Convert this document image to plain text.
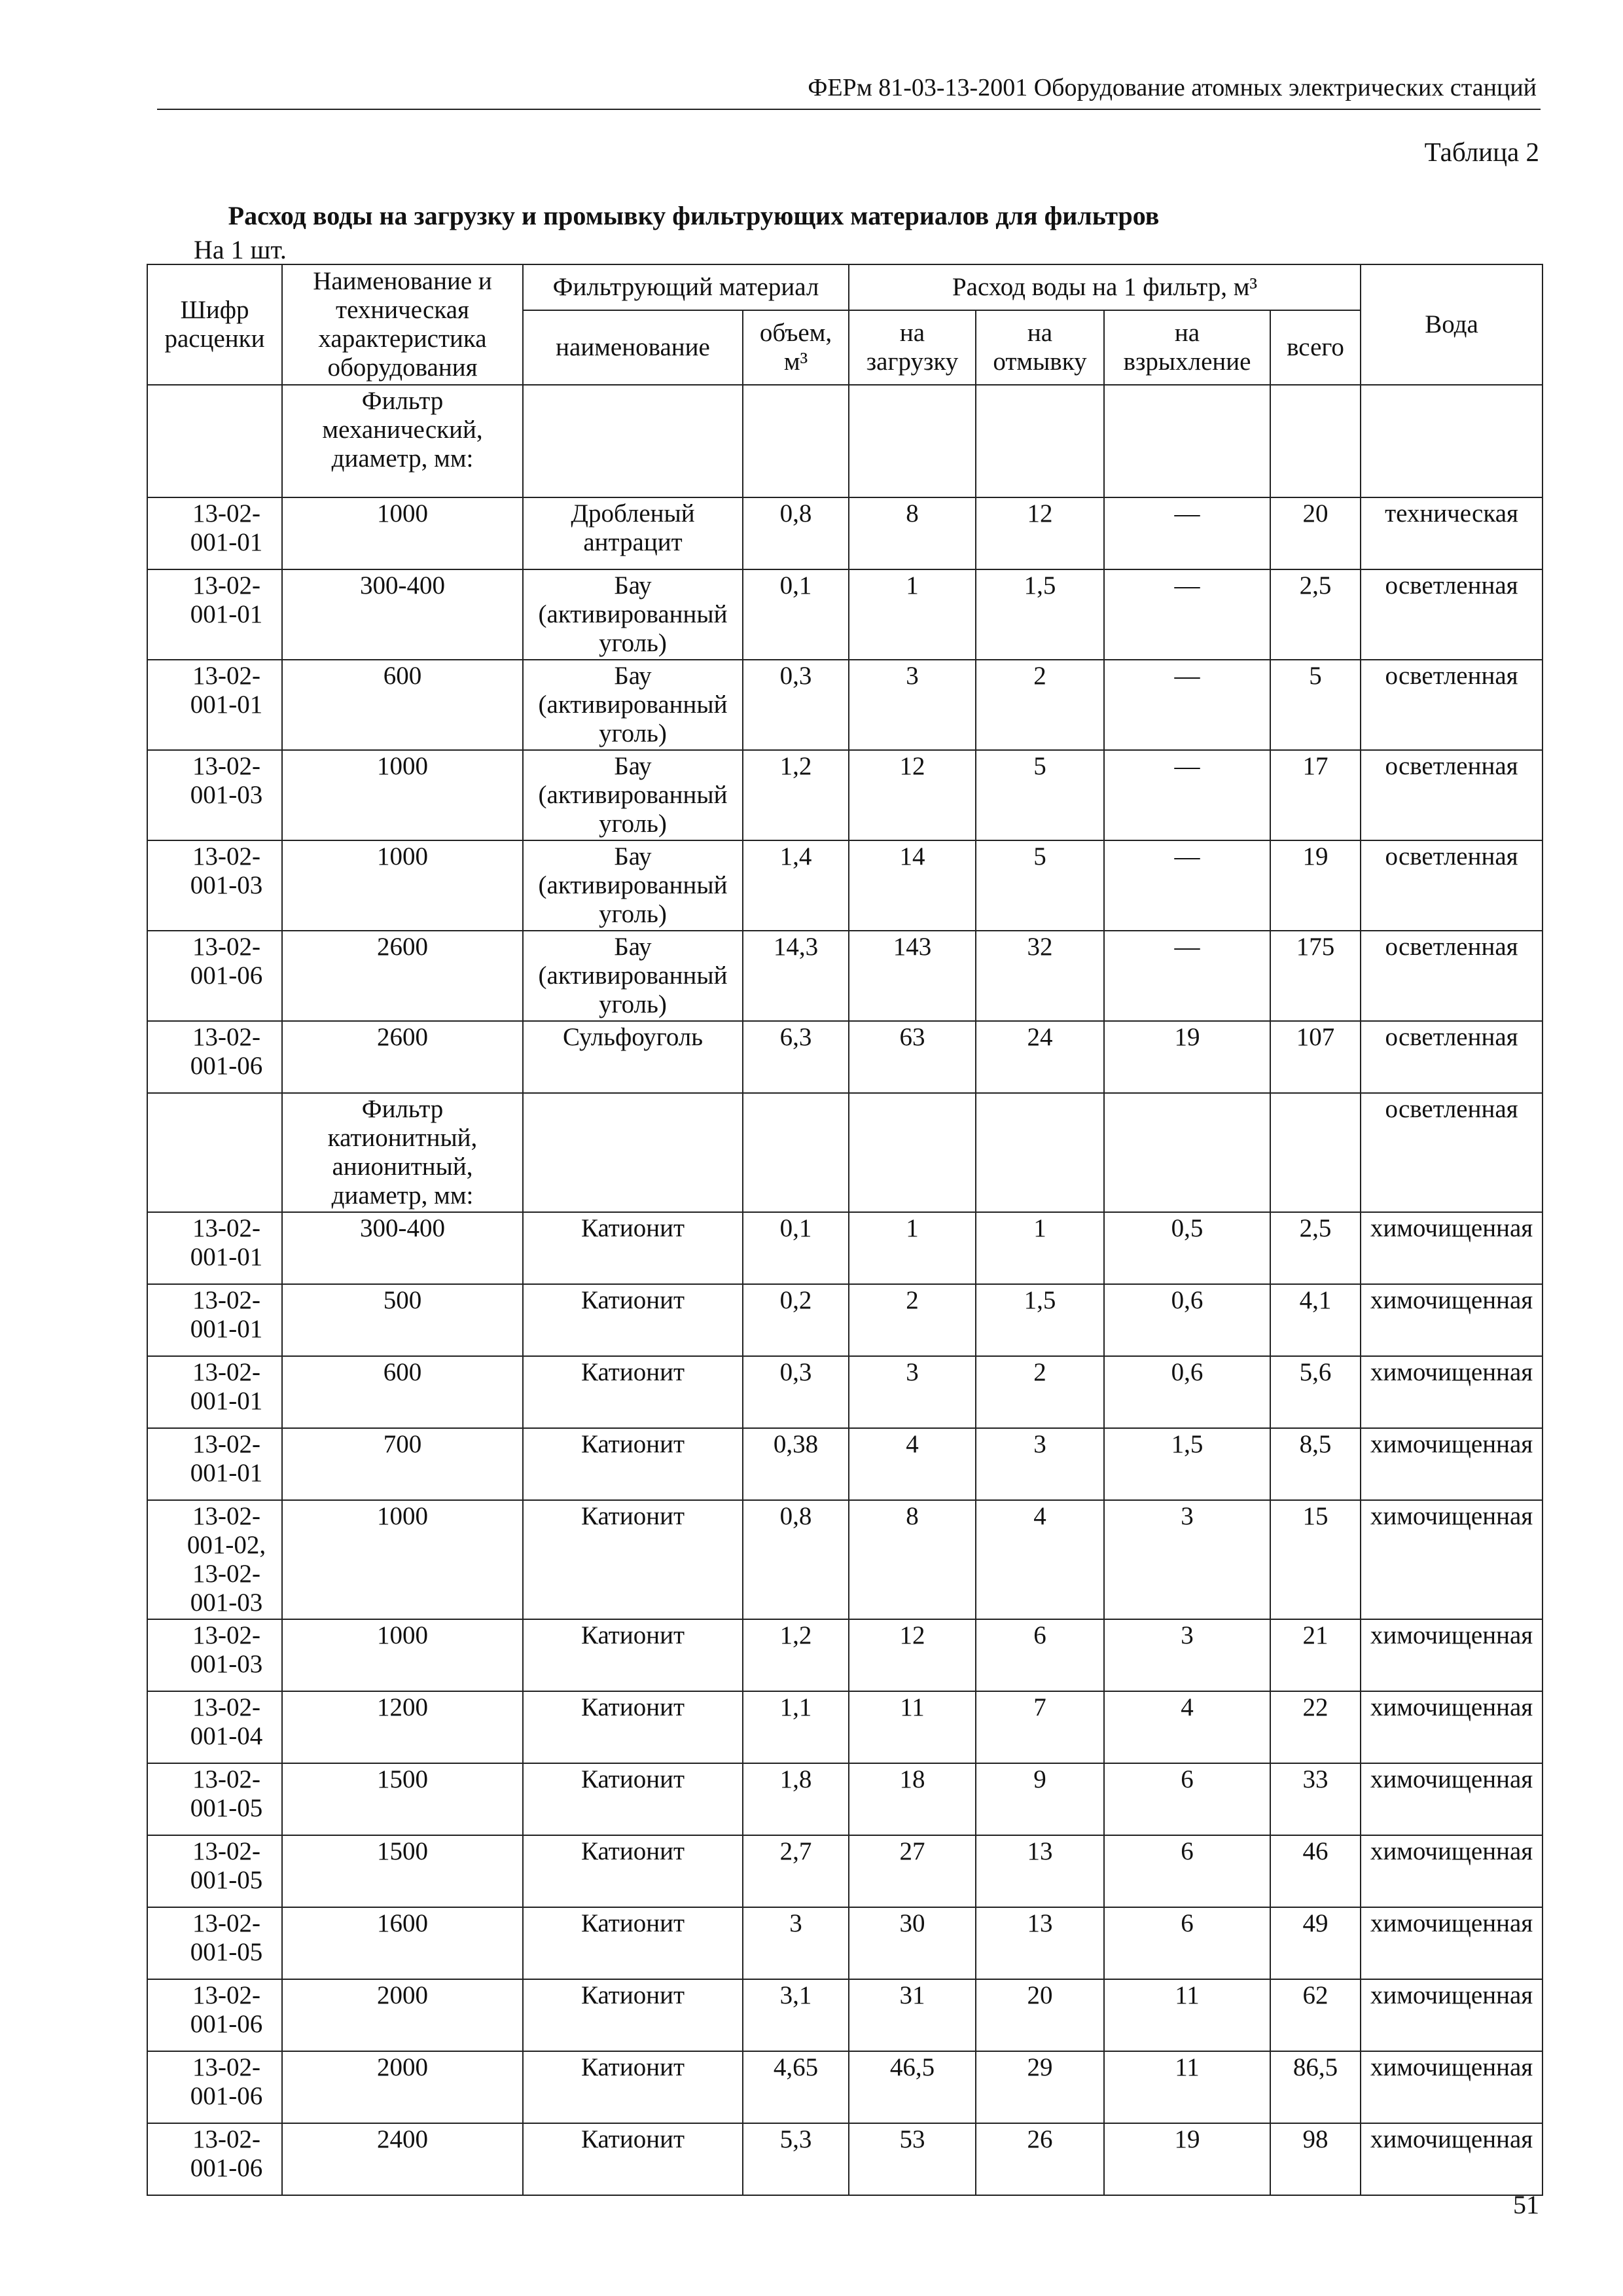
ФЕРм 81-03-13-2001 Оборудование атомных электрических станций
Таблица 2
Расход воды на загрузку и промывку фильтрующих материалов для фильтров
На 1 шт.
Шифр расценки	Наименование и техническая характеристика оборудования	Фильтрующий материал		Расход воды на 1 фильтр, м³				Вода
		наименование	объем, м³	на загрузку	на отмывку	на взрыхление	всего	
	Фильтр механический, диаметр, мм:							
13-02-001-01	1000	Дробленый антрацит	0,8	8	12	—	20	техническая
13-02-001-01	300-400	Бау (активированный уголь)	0,1	1	1,5	—	2,5	осветленная
13-02-001-01	600	Бау (активированный уголь)	0,3	3	2	—	5	осветленная
13-02-001-03	1000	Бау (активированный уголь)	1,2	12	5	—	17	осветленная
13-02-001-03	1000	Бау (активированный уголь)	1,4	14	5	—	19	осветленная
13-02-001-06	2600	Бау (активированный уголь)	14,3	143	32	—	175	осветленная
13-02-001-06	2600	Сульфоуголь	6,3	63	24	19	107	осветленная
	Фильтр катионитный, анионитный, диаметр, мм:							осветленная
13-02-001-01	300-400	Катионит	0,1	1	1	0,5	2,5	химочищенная
13-02-001-01	500	Катионит	0,2	2	1,5	0,6	4,1	химочищенная
13-02-001-01	600	Катионит	0,3	3	2	0,6	5,6	химочищенная
13-02-001-01	700	Катионит	0,38	4	3	1,5	8,5	химочищенная
13-02-001-02, 13-02-001-03	1000	Катионит	0,8	8	4	3	15	химочищенная
13-02-001-03	1000	Катионит	1,2	12	6	3	21	химочищенная
13-02-001-04	1200	Катионит	1,1	11	7	4	22	химочищенная
13-02-001-05	1500	Катионит	1,8	18	9	6	33	химочищенная
13-02-001-05	1500	Катионит	2,7	27	13	6	46	химочищенная
13-02-001-05	1600	Катионит	3	30	13	6	49	химочищенная
13-02-001-06	2000	Катионит	3,1	31	20	11	62	химочищенная
13-02-001-06	2000	Катионит	4,65	46,5	29	11	86,5	химочищенная
13-02-001-06	2400	Катионит	5,3	53	26	19	98	химочищенная
51
